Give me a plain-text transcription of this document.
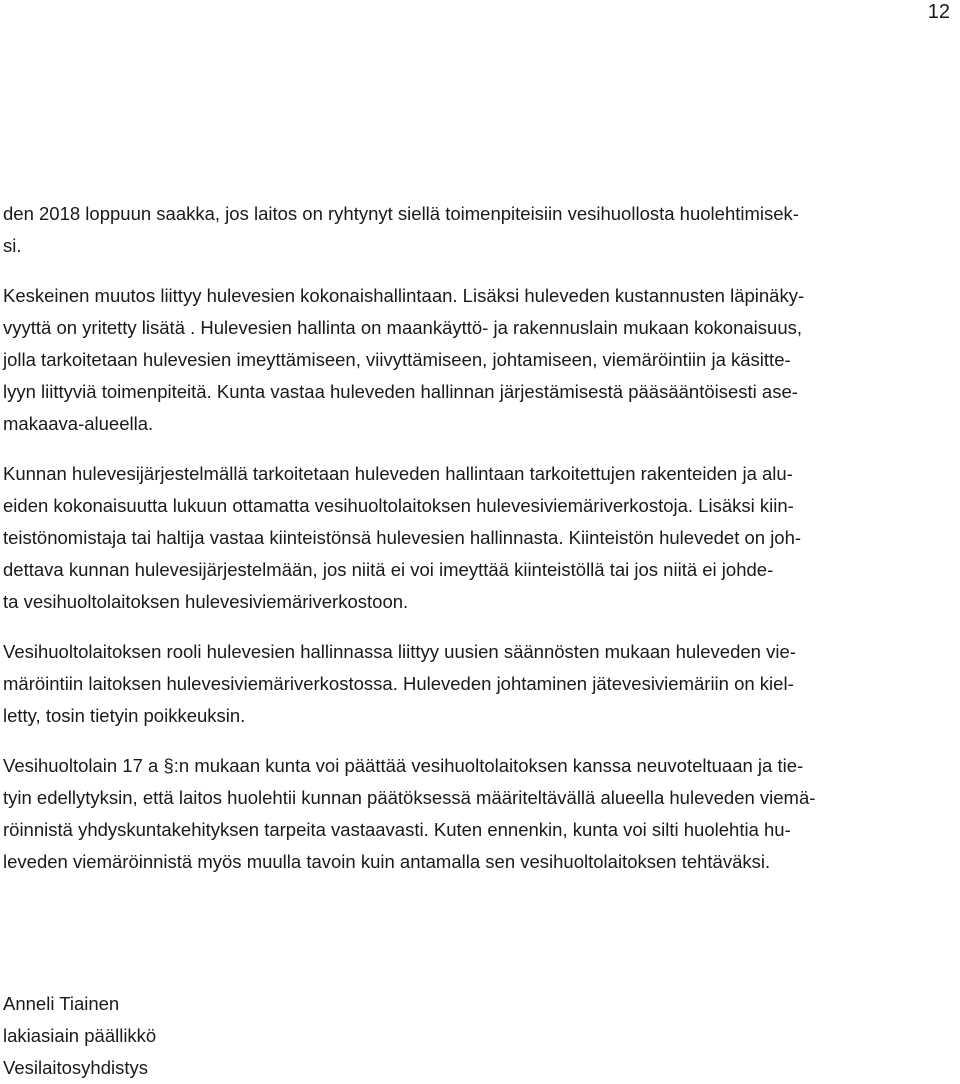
12

den 2018 loppuun saakka, jos laitos on ryhtynyt siellä toimenpiteisiin vesihuollosta huolehtimisek-
si.

Keskeinen muutos liittyy hulevesien kokonaishallintaan. Lisäksi huleveden kustannusten läpinäky-
vyyttä on yritetty lisätä . Hulevesien hallinta on maankäyttö- ja rakennuslain mukaan kokonaisuus,
jolla tarkoitetaan hulevesien imeyttämiseen, viivyttämiseen, johtamiseen, viemäröintiin ja käsitte-
lyyn liittyviä toimenpiteitä. Kunta vastaa huleveden hallinnan järjestämisestä pääsääntöisesti ase-
makaava-alueella.

Kunnan hulevesijärjestelmällä tarkoitetaan huleveden hallintaan tarkoitettujen rakenteiden ja alu-
eiden kokonaisuutta lukuun ottamatta vesihuoltolaitoksen hulevesiviemäriverkostoja. Lisäksi kiin-
teistönomistaja tai haltija vastaa kiinteistönsä hulevesien hallinnasta. Kiinteistön hulevedet on joh-
dettava kunnan hulevesijärjestelmään, jos niitä ei voi imeyttää kiinteistöllä tai jos niitä ei johde-
ta vesihuoltolaitoksen hulevesiviemäriverkostoon.

Vesihuoltolaitoksen rooli hulevesien hallinnassa liittyy uusien säännösten mukaan huleveden vie-
märöintiin laitoksen hulevesiviemäriverkostossa. Huleveden johtaminen jätevesiviemäriin on kiel-
letty, tosin tietyin poikkeuksin.

Vesihuoltolain 17 a §:n mukaan kunta voi päättää vesihuoltolaitoksen kanssa neuvoteltuaan ja tie-
tyin edellytyksin, että laitos huolehtii kunnan päätöksessä määriteltävällä alueella huleveden viemä-
röinnistä yhdyskuntakehityksen tarpeita vastaavasti. Kuten ennenkin, kunta voi silti huolehtia hu-
leveden viemäröinnistä myös muulla tavoin kuin antamalla sen vesihuoltolaitoksen tehtäväksi.

Anneli Tiainen
lakiasiain päällikkö
Vesilaitosyhdistys
